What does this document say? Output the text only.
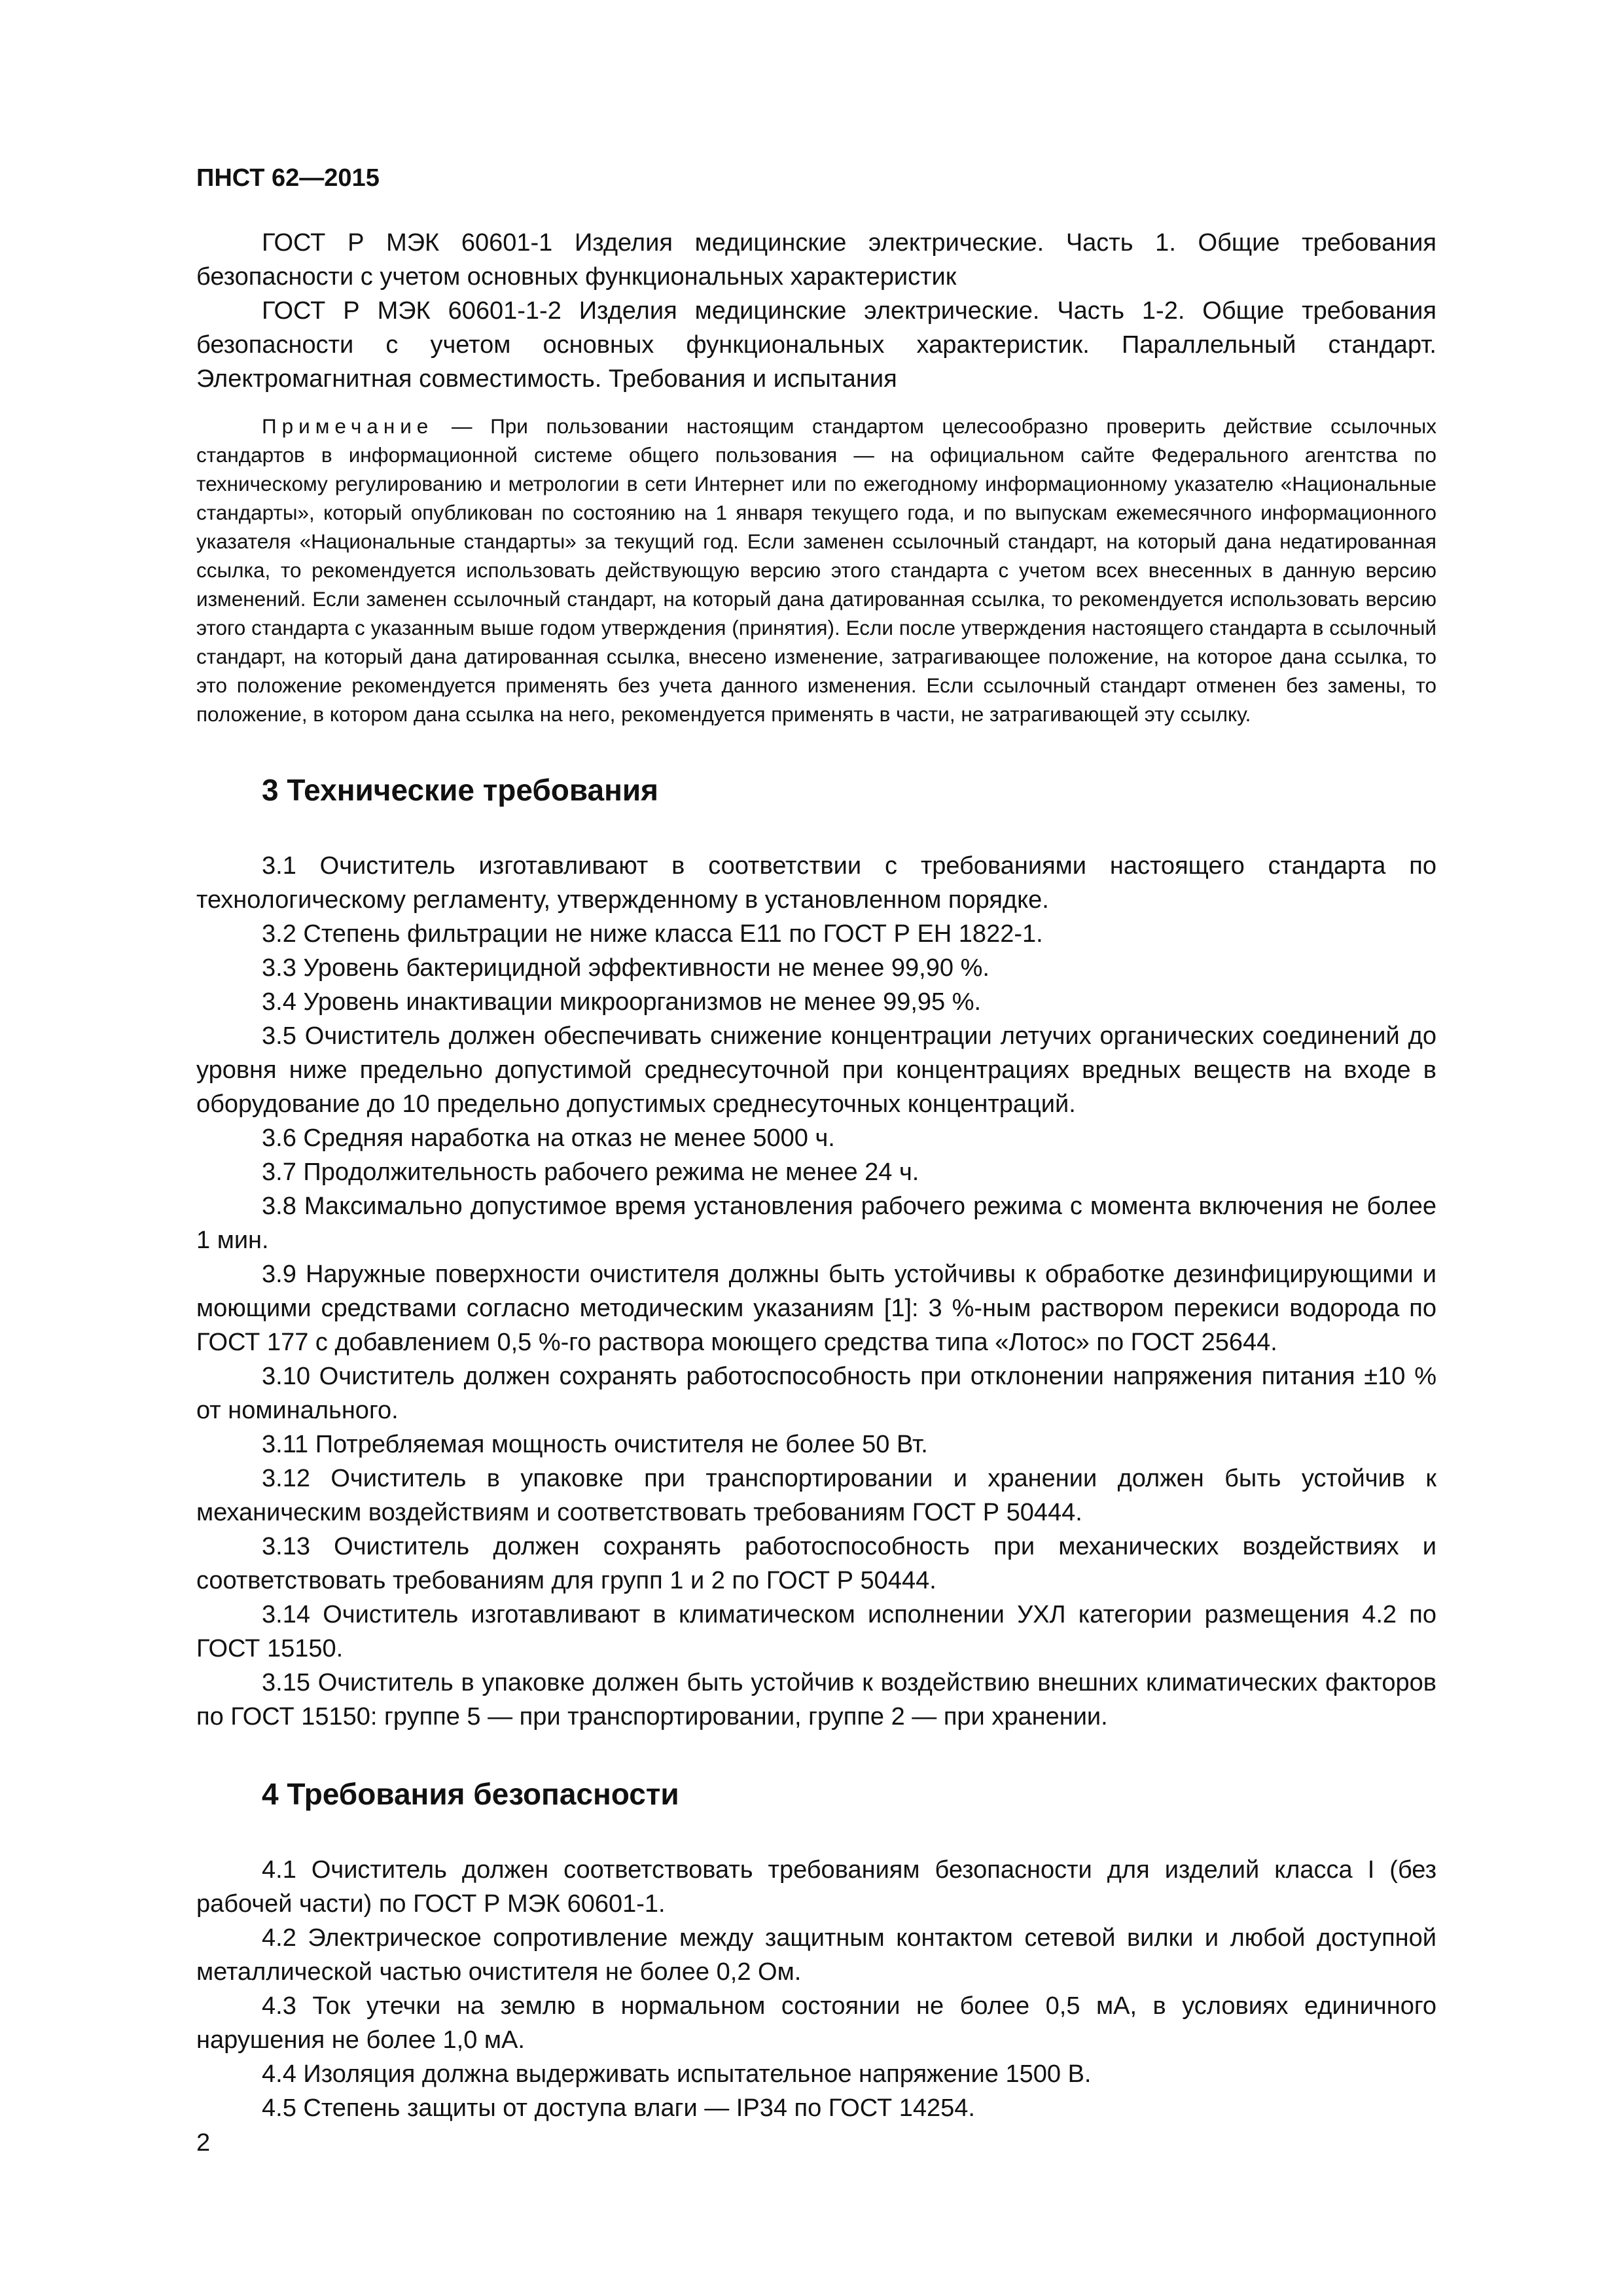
ПНСТ 62—2015

ГОСТ Р МЭК 60601-1 Изделия медицинские электрические. Часть 1. Общие требования безопасности с учетом основных функциональных характеристик

ГОСТ Р МЭК 60601-1-2 Изделия медицинские электрические. Часть 1-2. Общие требования безопасности с учетом основных функциональных характеристик. Параллельный стандарт. Электромагнитная совместимость. Требования и испытания

Примечание — При пользовании настоящим стандартом целесообразно проверить действие ссылочных стандартов в информационной системе общего пользования — на официальном сайте Федерального агентства по техническому регулированию и метрологии в сети Интернет или по ежегодному информационному указателю «Национальные стандарты», который опубликован по состоянию на 1 января текущего года, и по выпускам ежемесячного информационного указателя «Национальные стандарты» за текущий год. Если заменен ссылочный стандарт, на который дана недатированная ссылка, то рекомендуется использовать действующую версию этого стандарта с учетом всех внесенных в данную версию изменений. Если заменен ссылочный стандарт, на который дана датированная ссылка, то рекомендуется использовать версию этого стандарта с указанным выше годом утверждения (принятия). Если после утверждения настоящего стандарта в ссылочный стандарт, на который дана датированная ссылка, внесено изменение, затрагивающее положение, на которое дана ссылка, то это положение рекомендуется применять без учета данного изменения. Если ссылочный стандарт отменен без замены, то положение, в котором дана ссылка на него, рекомендуется применять в части, не затрагивающей эту ссылку.

3 Технические требования

3.1 Очиститель изготавливают в соответствии с требованиями настоящего стандарта по технологическому регламенту, утвержденному в установленном порядке.

3.2 Степень фильтрации не ниже класса Е11 по ГОСТ Р ЕН 1822-1.

3.3 Уровень бактерицидной эффективности не менее 99,90 %.

3.4 Уровень инактивации микроорганизмов не менее 99,95 %.

3.5 Очиститель должен обеспечивать снижение концентрации летучих органических соединений до уровня ниже предельно допустимой среднесуточной при концентрациях вредных веществ на входе в оборудование до 10 предельно допустимых среднесуточных концентраций.

3.6 Средняя наработка на отказ не менее 5000 ч.

3.7 Продолжительность рабочего режима не менее 24 ч.

3.8 Максимально допустимое время установления рабочего режима с момента включения не более 1 мин.

3.9 Наружные поверхности очистителя должны быть устойчивы к обработке дезинфицирующими и моющими средствами согласно методическим указаниям [1]: 3 %-ным раствором перекиси водорода по ГОСТ 177 с добавлением 0,5 %-го раствора моющего средства типа «Лотос» по ГОСТ 25644.

3.10 Очиститель должен сохранять работоспособность при отклонении напряжения питания ±10 % от номинального.

3.11 Потребляемая мощность очистителя не более 50 Вт.

3.12 Очиститель в упаковке при транспортировании и хранении должен быть устойчив к механическим воздействиям и соответствовать требованиям ГОСТ Р 50444.

3.13 Очиститель должен сохранять работоспособность при механических воздействиях и соответствовать требованиям для групп 1 и 2 по ГОСТ Р 50444.

3.14 Очиститель изготавливают в климатическом исполнении УХЛ категории размещения 4.2 по ГОСТ 15150.

3.15 Очиститель в упаковке должен быть устойчив к воздействию внешних климатических факторов по ГОСТ 15150: группе 5 — при транспортировании, группе 2 — при хранении.

4 Требования безопасности

4.1 Очиститель должен соответствовать требованиям безопасности для изделий класса I (без рабочей части) по ГОСТ Р МЭК 60601-1.

4.2 Электрическое сопротивление между защитным контактом сетевой вилки и любой доступной металлической частью очистителя не более 0,2 Ом.

4.3 Ток утечки на землю в нормальном состоянии не более 0,5 мА, в условиях единичного нарушения не более 1,0 мА.

4.4 Изоляция должна выдерживать испытательное напряжение 1500 В.

4.5 Степень защиты от доступа влаги — IP34 по ГОСТ 14254.

2
